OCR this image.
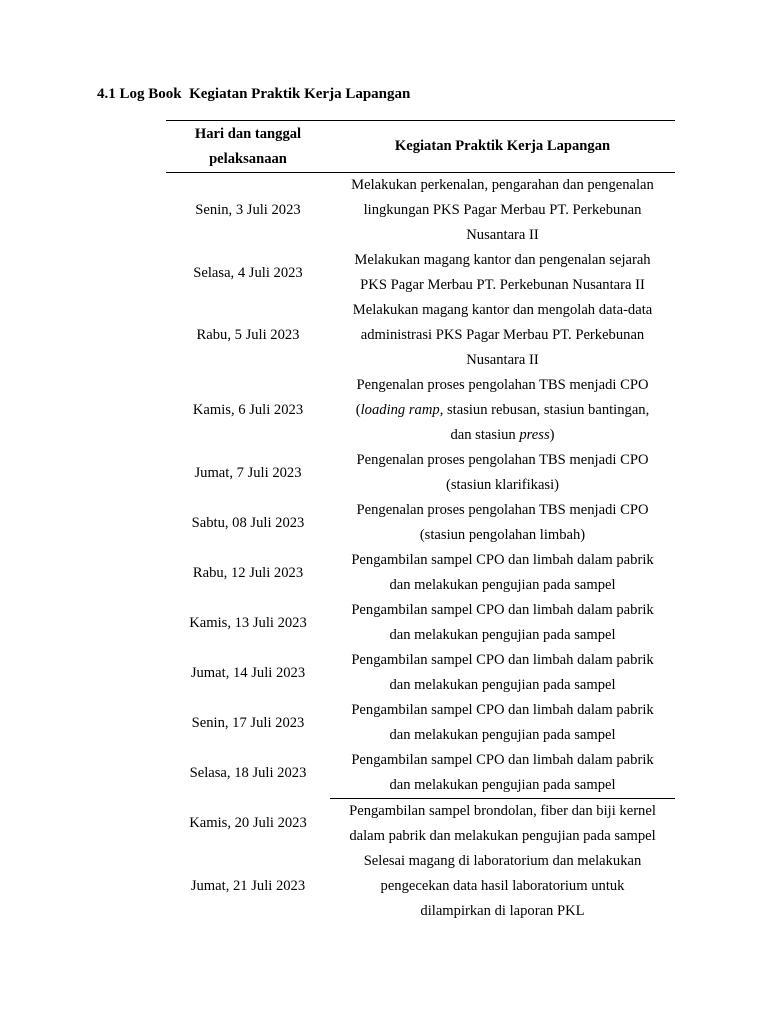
4.1 Log Book  Kegiatan Praktik Kerja Lapangan
Hari dan tanggal
pelaksanaan	Kegiatan Praktik Kerja Lapangan
Senin, 3 Juli 2023	Melakukan perkenalan, pengarahan dan pengenalan
lingkungan PKS Pagar Merbau PT. Perkebunan
Nusantara II

Selasa, 4 Juli 2023	Melakukan magang kantor dan pengenalan sejarah
PKS Pagar Merbau PT. Perkebunan Nusantara II

Rabu, 5 Juli 2023	Melakukan magang kantor dan mengolah data-data
administrasi PKS Pagar Merbau PT. Perkebunan
Nusantara II

Kamis, 6 Juli 2023	Pengenalan proses pengolahan TBS menjadi CPO
(loading ramp, stasiun rebusan, stasiun bantingan,
dan stasiun press)

Jumat, 7 Juli 2023	Pengenalan proses pengolahan TBS menjadi CPO
(stasiun klarifikasi)

Sabtu, 08 Juli 2023	Pengenalan proses pengolahan TBS menjadi CPO
(stasiun pengolahan limbah)

Rabu, 12 Juli 2023	Pengambilan sampel CPO dan limbah dalam pabrik
dan melakukan pengujian pada sampel

Kamis, 13 Juli 2023	Pengambilan sampel CPO dan limbah dalam pabrik
dan melakukan pengujian pada sampel

Jumat, 14 Juli 2023	Pengambilan sampel CPO dan limbah dalam pabrik
dan melakukan pengujian pada sampel

Senin, 17 Juli 2023	Pengambilan sampel CPO dan limbah dalam pabrik
dan melakukan pengujian pada sampel

Selasa, 18 Juli 2023	Pengambilan sampel CPO dan limbah dalam pabrik
dan melakukan pengujian pada sampel

Kamis, 20 Juli 2023	Pengambilan sampel brondolan, fiber dan biji kernel
dalam pabrik dan melakukan pengujian pada sampel

Jumat, 21 Juli 2023	Selesai magang di laboratorium dan melakukan
pengecekan data hasil laboratorium untuk
dilampirkan di laporan PKL
